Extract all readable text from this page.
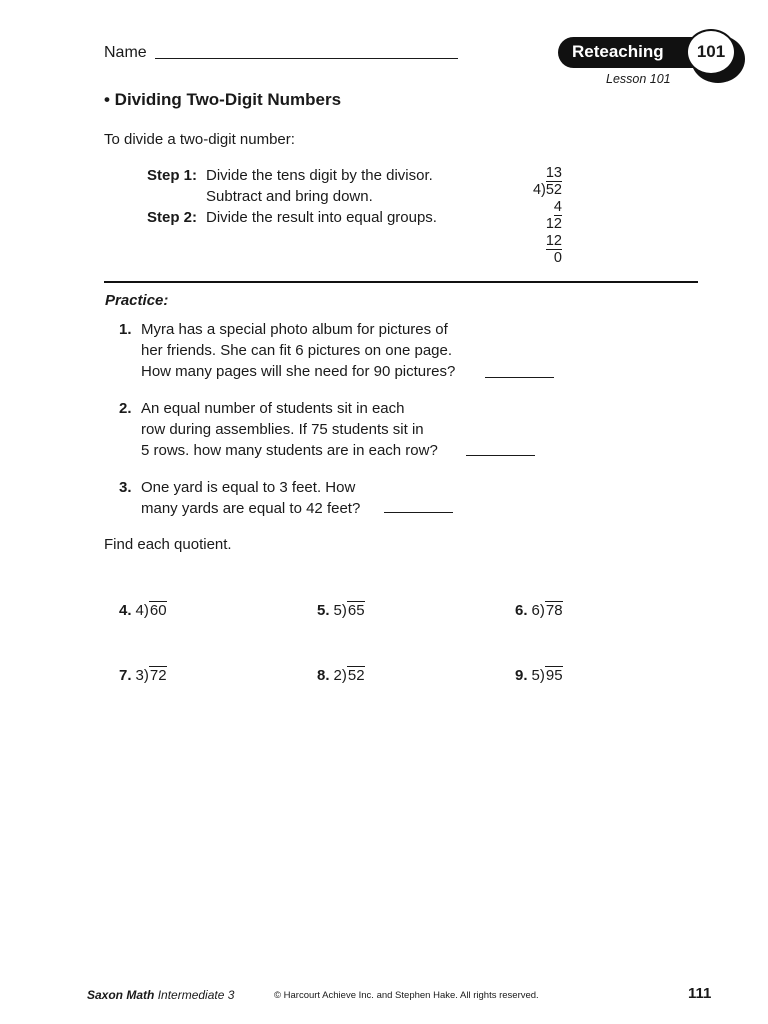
Name	Reteaching	101
Lesson 101
• Dividing Two-Digit Numbers
To divide a two-digit number:
Step 1: Divide the tens digit by the divisor.
Subtract and bring down.
Step 2: Divide the result into equal groups.
13
4)52
4
12
12
0
Practice:
1. Myra has a special photo album for pictures of
her friends. She can fit 6 pictures on one page.
How many pages will she need for 90 pictures?
2. An equal number of students sit in each
row during assemblies. If 75 students sit in
5 rows. how many students are in each row?
3. One yard is equal to 3 feet. How
many yards are equal to 42 feet?
Find each quotient.
4. 4)60	5. 5)65	6. 6)78
7. 3)72	8. 2)52	9. 5)95
Saxon Math Intermediate 3	© Harcourt Achieve Inc. and Stephen Hake. All rights reserved.	111
